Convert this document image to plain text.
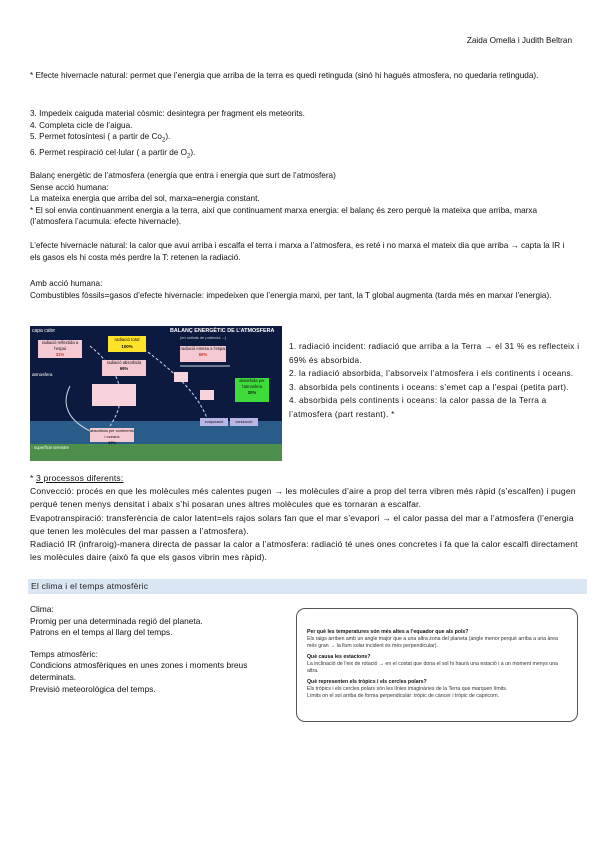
Zaida Omella i Judith Beltran

* Efecte hivernacle natural: permet que l’energia que arriba de la terra es quedi retinguda (sinó hi hagués atmosfera, no quedaria retinguda).

3. Impedeix caiguda material còsmic: desintegra per fragment els meteorits.
4. Completa cicle de l’aigua.
5. Permet fotosíntesi ( a partir de $Co_2$).
6. Permet respiració cel·lular ( a partir de $O_2$).
Balanç energètic de l’atmosfera (energia que entra i energia que surt de l’atmosfera)
Sense acció humana:
La mateixa energia que arriba del sol, marxa=energia constant.
* El sol envia continuanment energia a la terra, així que continuament marxa energia: el balanç és zero perquè la mateixa que arriba, marxa (l’atmosfera l’acumula: efecte hivernacle).

L’efecte hivernacle natural: la calor que avui arriba i escalfa el terra i marxa a l’atmosfera, es reté i no marxa el mateix dia que arriba → capta la IR i els gasos els hi costa més perdre la T: retenen la radiació.

Amb acció humana:
Combustibles fòssils=gasos d’efecte hivernacle: impedeixen que l’energia marxi, per tant, la T global augmenta (tarda més en marxar l’energia).
capa calor	BALANÇ ENERGÈTIC DE L’ATMOSFERA
(en unitats de potència ...)
radiació total
100%
radiació reflectida a l’espai
31%
radiació absorbida
69%
radiació emesa a l’espai
69%
absorbida per l’atmosfera
20%
atmosfera
evaporació	conducció
absorbida per continents i oceans
49%
superfície terrestre
1. radiació incident: radiació que arriba a la Terra → el 31 % es reflecteix i 69% és absorbida.
2. la radiació absorbida, l’absorveix l’atmosfera i els continents i oceans.
3. absorbida pels continents i oceans: s’emet cap a l’espai (petita part).
4. absorbida pels continents i oceans: la calor passa de la Terra a l’atmosfera (part restant). *
* 3 processos diferents:
Convecció: procés en que les molècules més calentes pugen → les molècules d’aire a prop del terra vibren més ràpid (s’escalfen) i pugen perquè tenen menys densitat i abaix s’hi posaran unes altres molècules que es tornaran a escalfar.
Evapotranspiració: transferència de calor latent=els rajos solars fan que el mar s’evapori → el calor passa del mar a l’atmosfera (l’energia que tenen les molècules del mar passen a l’atmosfera).
Radiació IR (infraroig)-manera directa de passar la calor a l’atmosfera: radiació té unes ones concretes i fa que la calor escalfi directament les molècules daire (això fa que els gasos vibrin mes ràpid).
El clima i el temps atmosfèric
Clima:
Promig per una determinada regió del planeta.
Patrons en el temps al llarg del temps.
Temps atmosfèric:
Condicions atmosfèriques en unes zones i moments breus determinats.
Previsió meteorològica del temps.
Per què les temperatures són més altes a l’equador que als pols?
Els raigs arriben amb un angle major que a una altra zona del planeta (angle menor perquè arriba a una àrea més gran → la llum solar incident és més perpendicular).
Què causa les estacions?
La inclinació de l’eix de rotació → en el costat que dona el sol hi haurà una estació i a un moment menys una altra.
Què representen els tròpics i els cercles polars?
Els tròpics i els cercles polars són les línies imaginàries de la Terra que marquen límits.
Límits on el sol arriba de forma perpendicular: tròpic de càncer i tròpic de capricorn.
